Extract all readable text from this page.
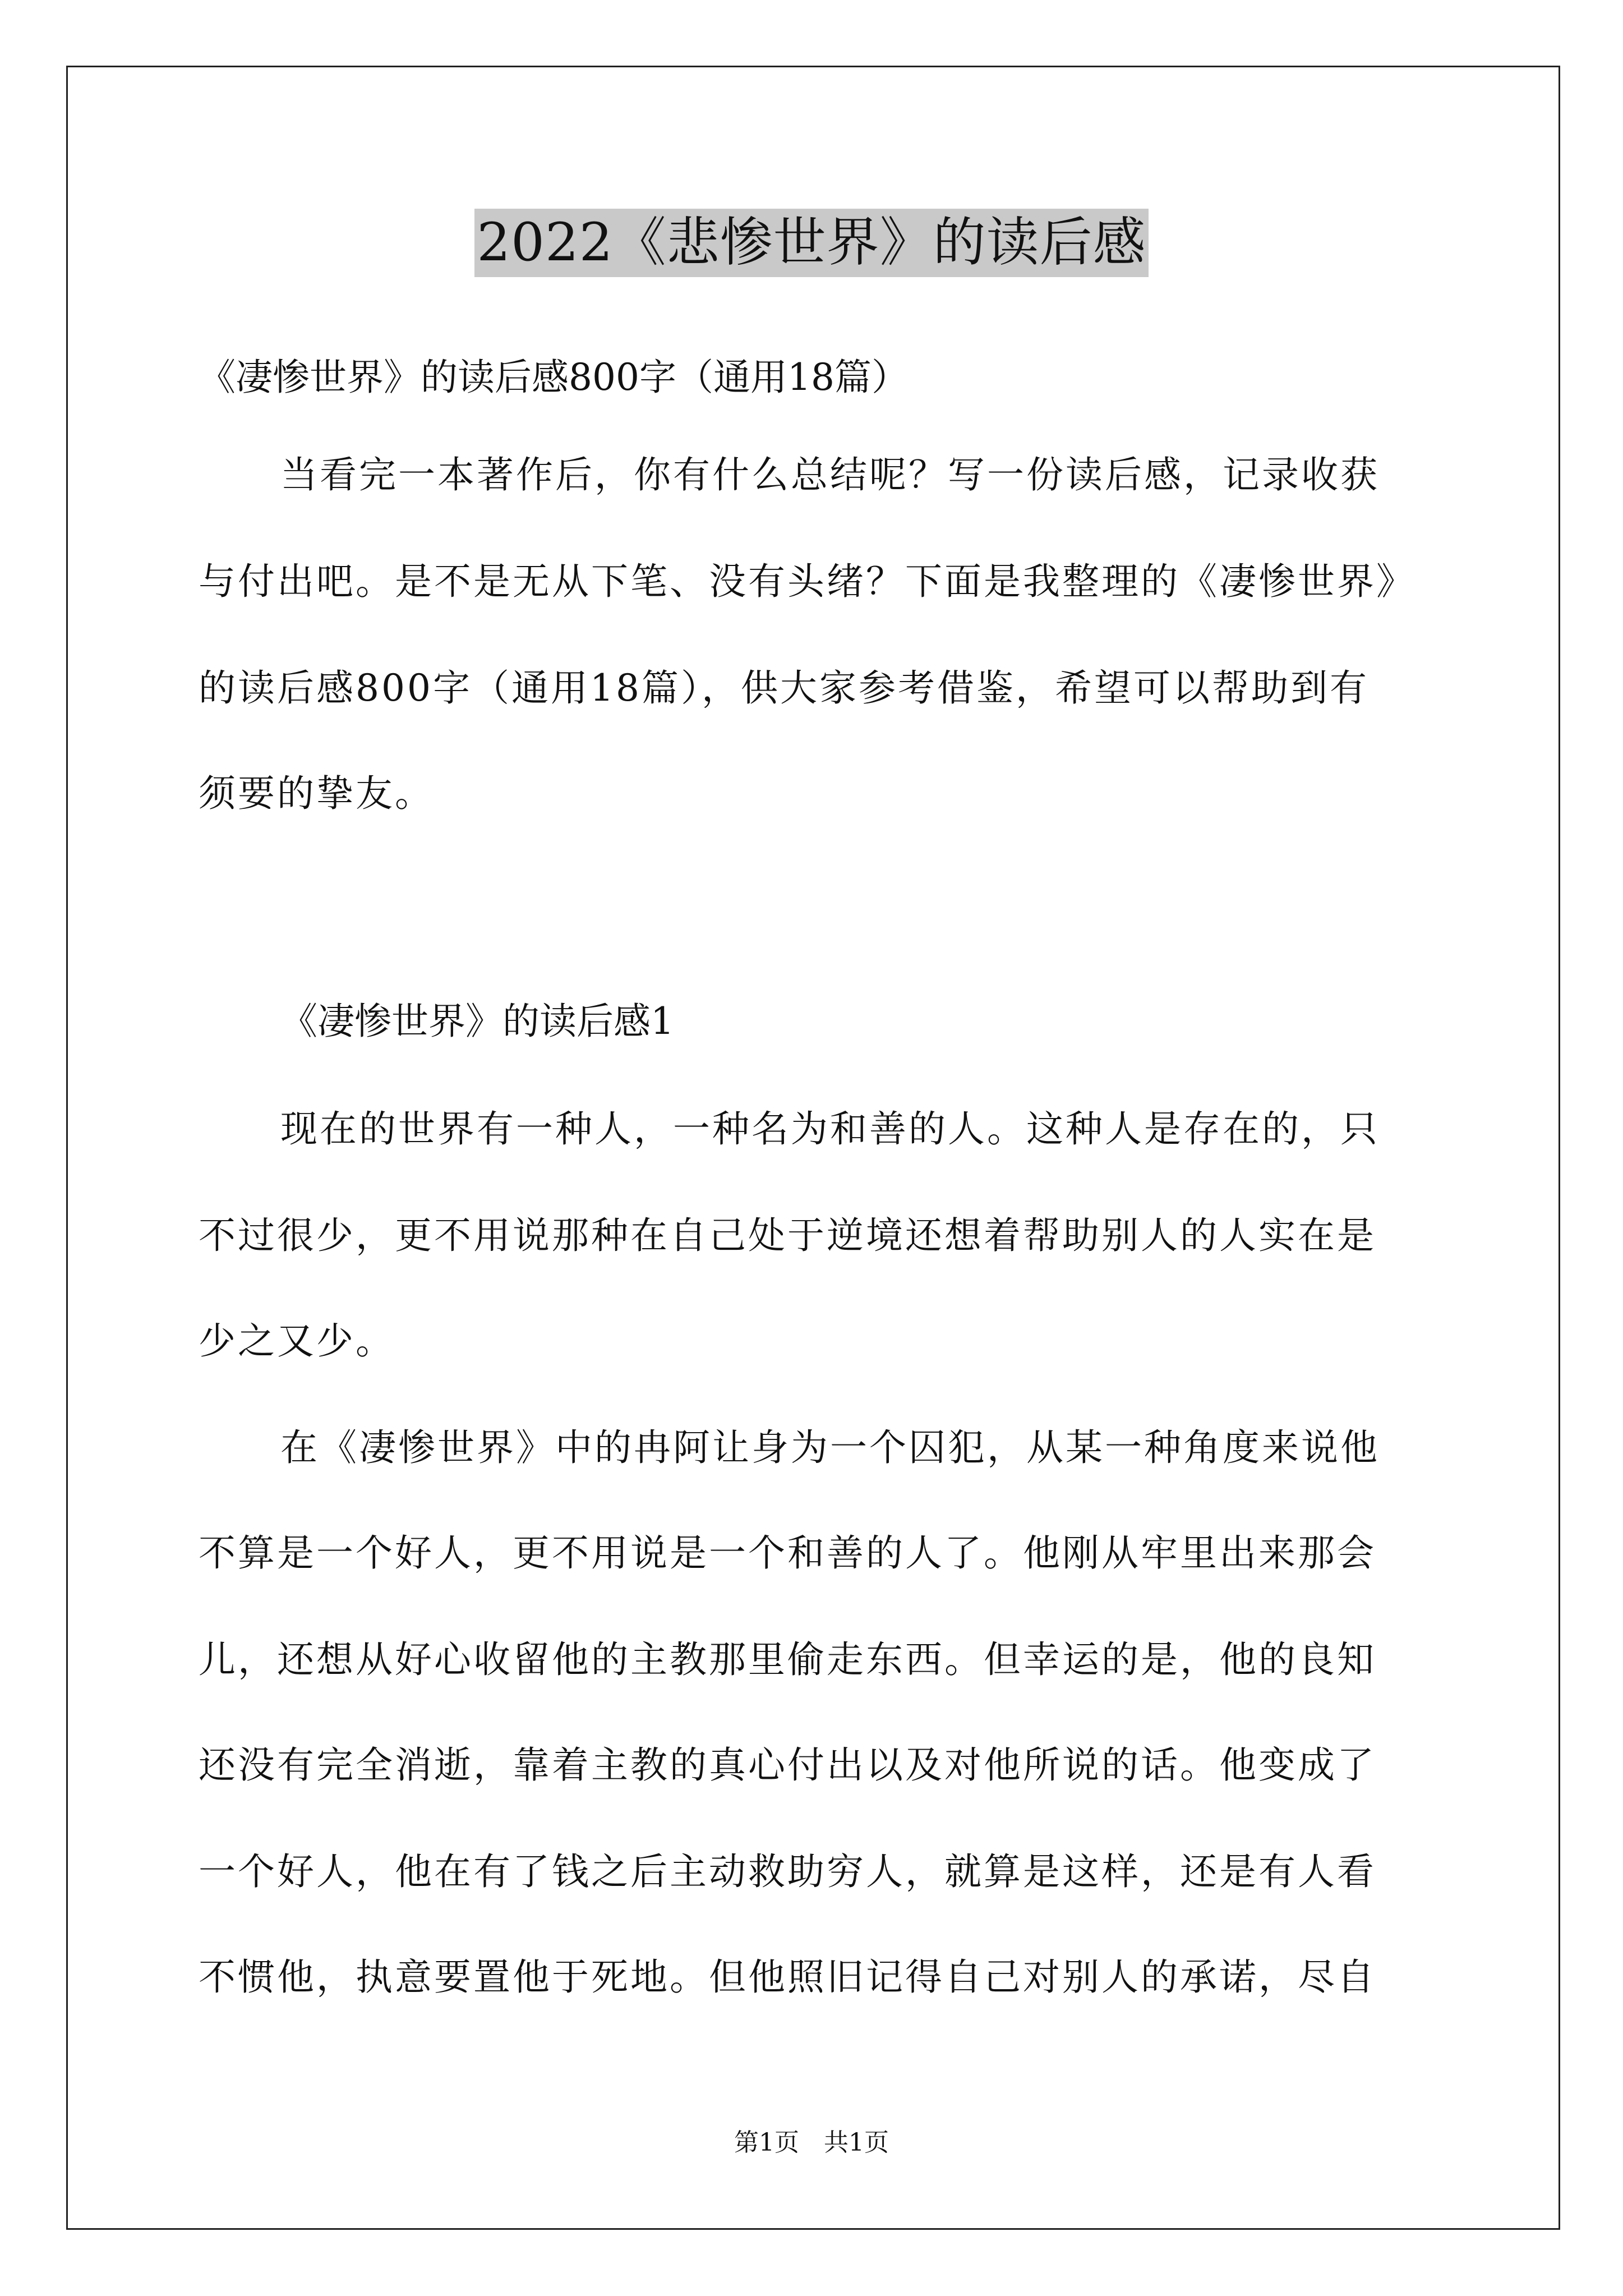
2022《悲惨世界》的读后感
《凄惨世界》的读后感800字（通用18篇）
当看完一本著作后，你有什么总结呢？写一份读后感，记录收获
与付出吧。是不是无从下笔、没有头绪？下面是我整理的《凄惨世界》
的读后感800字（通用18篇），供大家参考借鉴，希望可以帮助到有
须要的挚友。
《凄惨世界》的读后感1
现在的世界有一种人，一种名为和善的人。这种人是存在的，只
不过很少，更不用说那种在自己处于逆境还想着帮助别人的人实在是
少之又少。
在《凄惨世界》中的冉阿让身为一个囚犯，从某一种角度来说他
不算是一个好人，更不用说是一个和善的人了。他刚从牢里出来那会
儿，还想从好心收留他的主教那里偷走东西。但幸运的是，他的良知
还没有完全消逝，靠着主教的真心付出以及对他所说的话。他变成了
一个好人，他在有了钱之后主动救助穷人，就算是这样，还是有人看
不惯他，执意要置他于死地。但他照旧记得自己对别人的承诺，尽自
第1页　共1页
